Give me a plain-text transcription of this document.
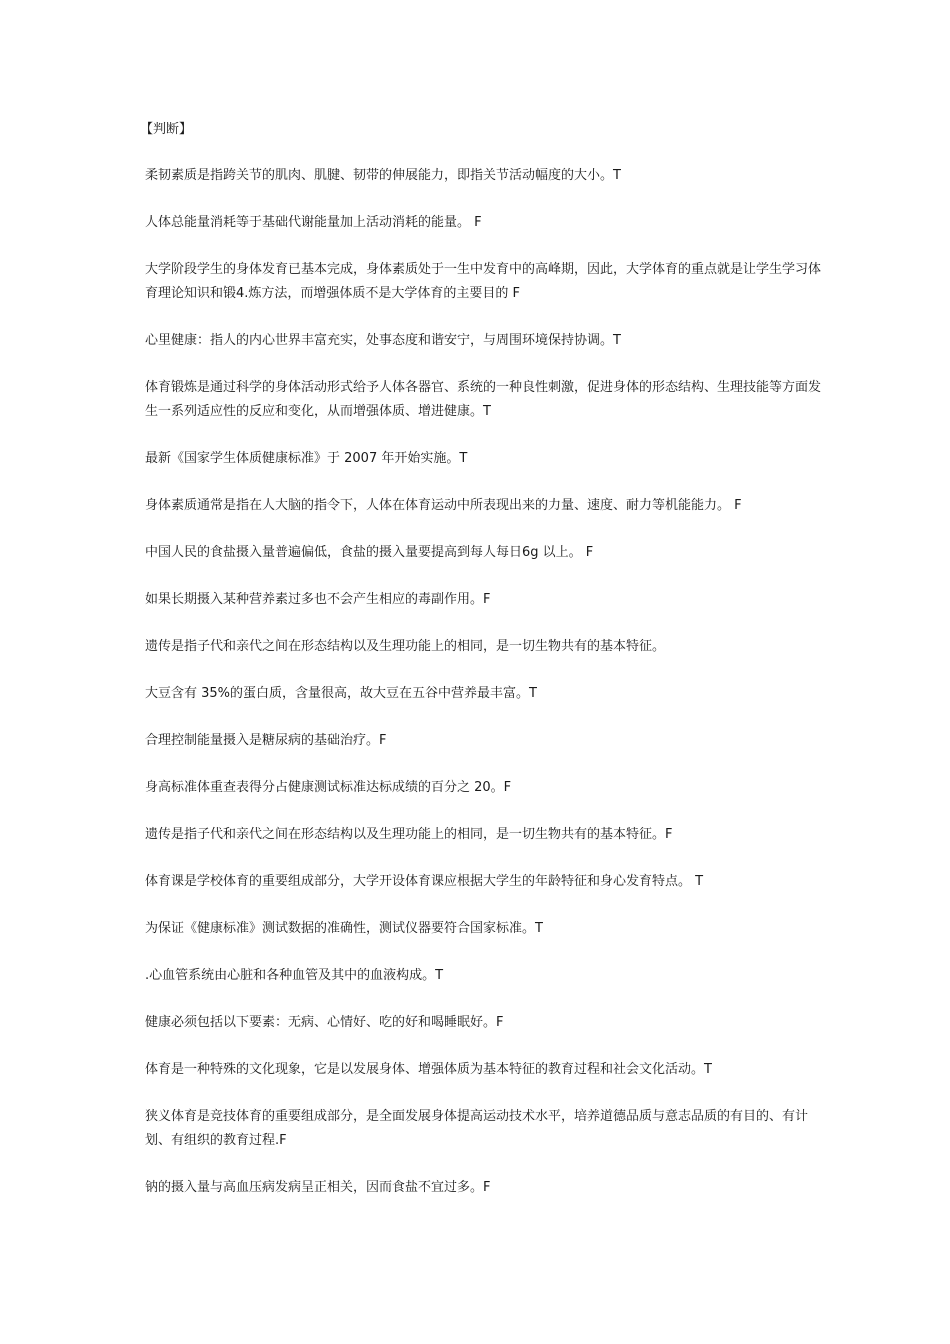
【判断】
柔韧素质是指跨关节的肌肉、肌腱、韧带的伸展能力，即指关节活动幅度的大小。T
人体总能量消耗等于基础代谢能量加上活动消耗的能量。 F
大学阶段学生的身体发育已基本完成，身体素质处于一生中发育中的高峰期，因此，大学体育的重点就是让学生学习体育理论知识和锻4.炼方法，而增强体质不是大学体育的主要目的 F
心里健康：指人的内心世界丰富充实，处事态度和谐安宁，与周围环境保持协调。T
体育锻炼是通过科学的身体活动形式给予人体各器官、系统的一种良性刺激，促进身体的形态结构、生理技能等方面发生一系列适应性的反应和变化，从而增强体质、增进健康。T
最新《国家学生体质健康标准》于 2007 年开始实施。T
身体素质通常是指在人大脑的指令下，人体在体育运动中所表现出来的力量、速度、耐力等机能能力。 F
中国人民的食盐摄入量普遍偏低，食盐的摄入量要提高到每人每日6g 以上。 F
如果长期摄入某种营养素过多也不会产生相应的毒副作用。F
遗传是指子代和亲代之间在形态结构以及生理功能上的相同，是一切生物共有的基本特征。
大豆含有 35%的蛋白质，含量很高，故大豆在五谷中营养最丰富。T
合理控制能量摄入是糖尿病的基础治疗。F
身高标准体重查表得分占健康测试标准达标成绩的百分之 20。F
遗传是指子代和亲代之间在形态结构以及生理功能上的相同，是一切生物共有的基本特征。F
体育课是学校体育的重要组成部分，大学开设体育课应根据大学生的年龄特征和身心发育特点。 T
为保证《健康标准》测试数据的准确性，测试仪器要符合国家标准。T
.心血管系统由心脏和各种血管及其中的血液构成。T
健康必须包括以下要素：无病、心情好、吃的好和喝睡眠好。F
体育是一种特殊的文化现象，它是以发展身体、增强体质为基本特征的教育过程和社会文化活动。T
狭义体育是竞技体育的重要组成部分，是全面发展身体提高运动技术水平，培养道德品质与意志品质的有目的、有计划、有组织的教育过程.F
钠的摄入量与高血压病发病呈正相关，因而食盐不宜过多。F
